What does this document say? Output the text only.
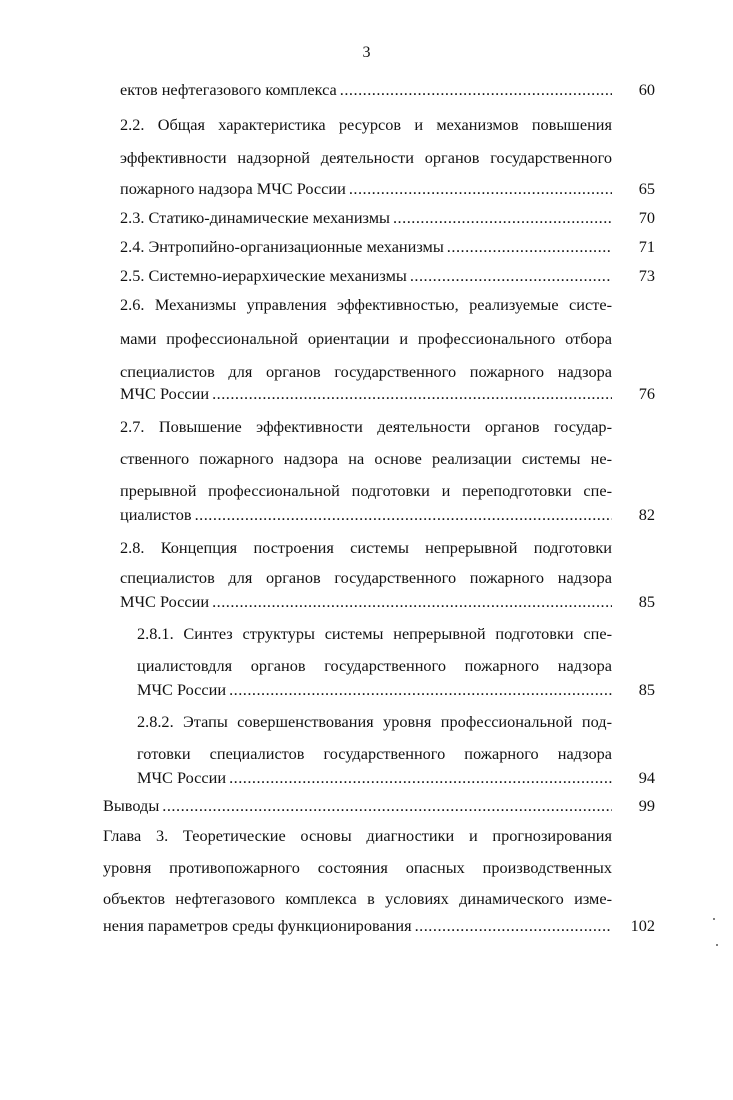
3
ектов нефтегазового комплекса .....	60
2.2. Общая характеристика ресурсов и механизмов повышения
эффективности надзорной деятельности органов государственного
пожарного надзора МЧС России .....	65
2.3. Статико-динамические механизмы .....	70
2.4. Энтропийно-организационные механизмы .....	71
2.5. Системно-иерархические механизмы .....	73
2.6. Механизмы управления эффективностью, реализуемые систе-
мами профессиональной ориентации и профессионального отбора
специалистов для органов государственного пожарного надзора
МЧС России .....	76
2.7. Повышение эффективности деятельности органов государ-
ственного пожарного надзора на основе реализации системы не-
прерывной профессиональной подготовки и переподготовки спе-
циалистов .....	82
2.8. Концепция построения системы непрерывной подготовки
специалистов для органов государственного пожарного надзора
МЧС России .....	85
2.8.1. Синтез структуры системы непрерывной подготовки спе-
циалистовдля органов государственного пожарного надзора
МЧС России .....	85
2.8.2. Этапы совершенствования уровня профессиональной под-
готовки специалистов государственного пожарного надзора
МЧС России .....	94
Выводы .....	99
Глава 3. Теоретические основы диагностики и прогнозирования
уровня противопожарного состояния опасных производственных
объектов нефтегазового комплекса в условиях динамического изме-
нения параметров среды функционирования .....	102
